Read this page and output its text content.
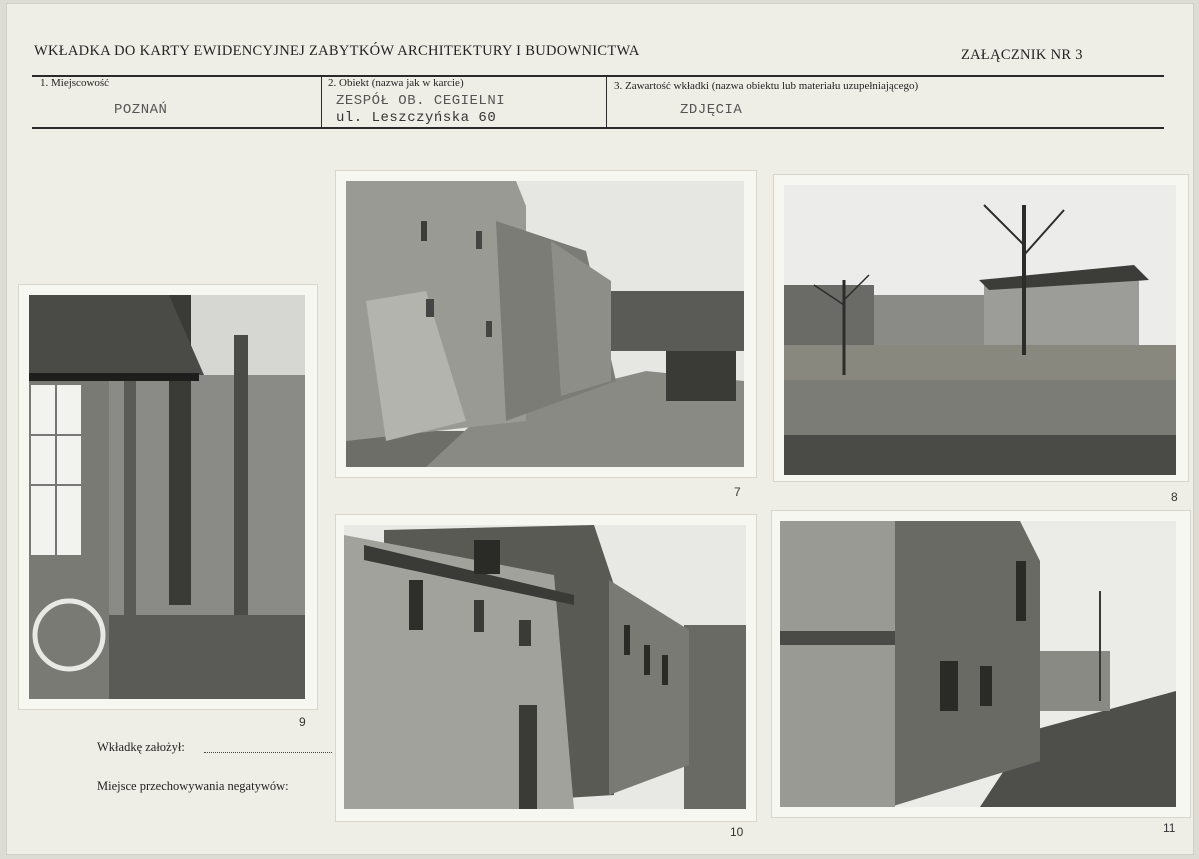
WKŁADKA DO KARTY EWIDENCYJNEJ ZABYTKÓW ARCHITEKTURY I BUDOWNICTWA	ZAŁĄCZNIK NR 3
1. Miejscowość
POZNAŃ
2. Obiekt (nazwa jak w karcie)
ZESPÓŁ OB. CEGIELNI
ul. Leszczyńska 60
3. Zawartość wkładki (nazwa obiektu lub materiału uzupełniającego)
ZDJĘCIA
7	8
9
10	11
Wkładkę założył:
Miejsce przechowywania negatywów:
